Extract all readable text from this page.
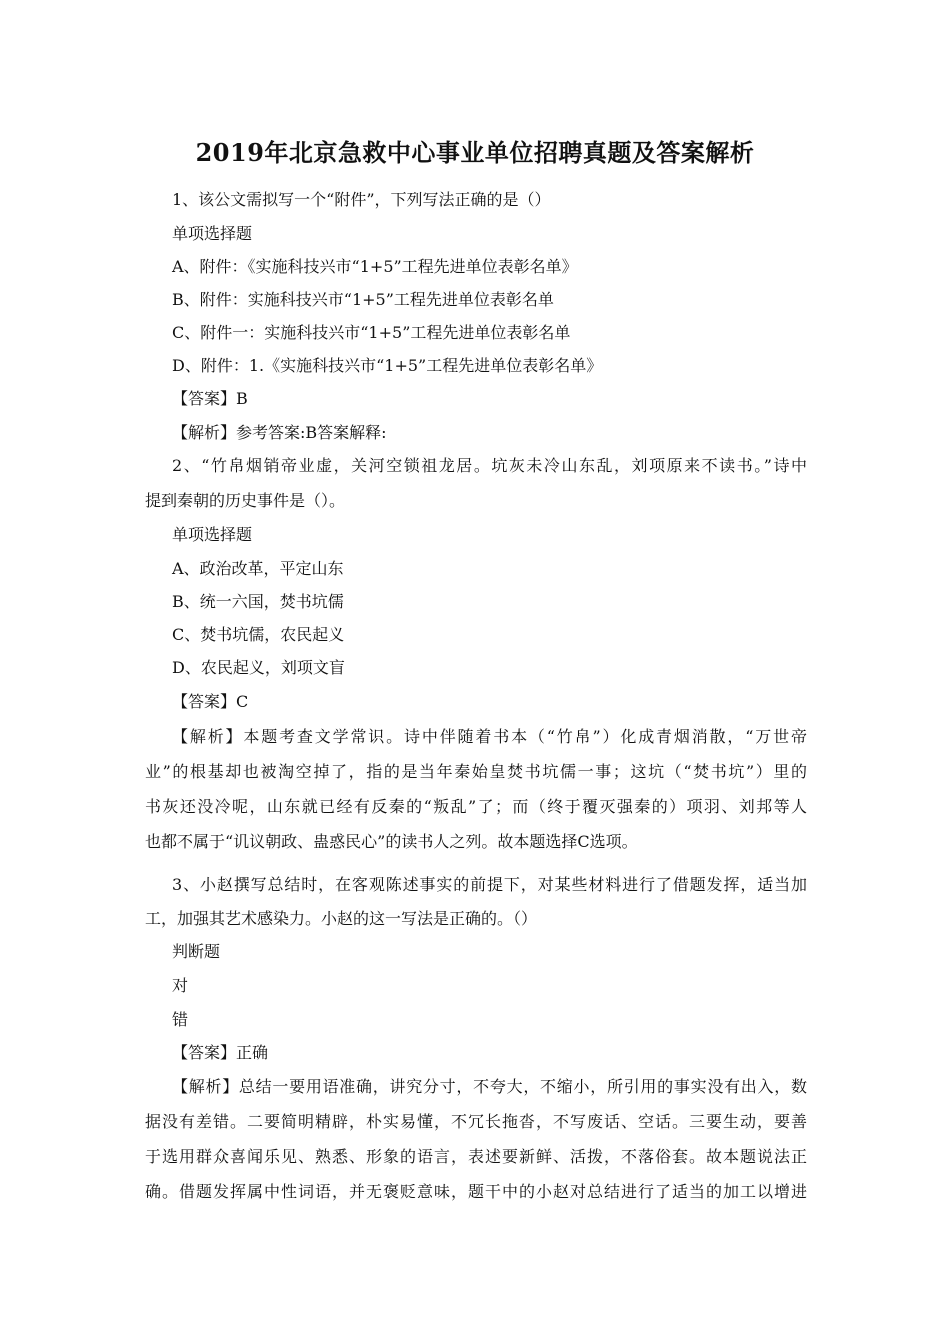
2019年北京急救中心事业单位招聘真题及答案解析
1、该公文需拟写一个“附件”，下列写法正确的是（）
单项选择题
A、附件：《实施科技兴市“1+5”工程先进单位表彰名单》
B、附件：实施科技兴市“1+5”工程先进单位表彰名单
C、附件一：实施科技兴市“1+5”工程先进单位表彰名单
D、附件：1.《实施科技兴市“1+5”工程先进单位表彰名单》
【答案】B
【解析】参考答案:B答案解释:
2、“竹帛烟销帝业虚，关河空锁祖龙居。坑灰未冷山东乱，刘项原来不读书。”诗中
提到秦朝的历史事件是（）。
单项选择题
A、政治改革，平定山东
B、统一六国，焚书坑儒
C、焚书坑儒，农民起义
D、农民起义，刘项文盲
【答案】C
【解析】本题考查文学常识。诗中伴随着书本（“竹帛”）化成青烟消散，“万世帝
业”的根基却也被淘空掉了，指的是当年秦始皇焚书坑儒一事；这坑（“焚书坑”）里的
书灰还没冷呢，山东就已经有反秦的“叛乱”了；而（终于覆灭强秦的）项羽、刘邦等人
也都不属于“讥议朝政、蛊惑民心”的读书人之列。故本题选择C选项。
3、小赵撰写总结时，在客观陈述事实的前提下，对某些材料进行了借题发挥，适当加
工，加强其艺术感染力。小赵的这一写法是正确的。（）
判断题
对
错
【答案】正确
【解析】总结一要用语准确，讲究分寸，不夸大，不缩小，所引用的事实没有出入，数
据没有差错。二要简明精辟，朴实易懂，不冗长拖沓，不写废话、空话。三要生动，要善
于选用群众喜闻乐见、熟悉、形象的语言，表述要新鲜、活拨，不落俗套。故本题说法正
确。借题发挥属中性词语，并无褒贬意味，题干中的小赵对总结进行了适当的加工以增进
